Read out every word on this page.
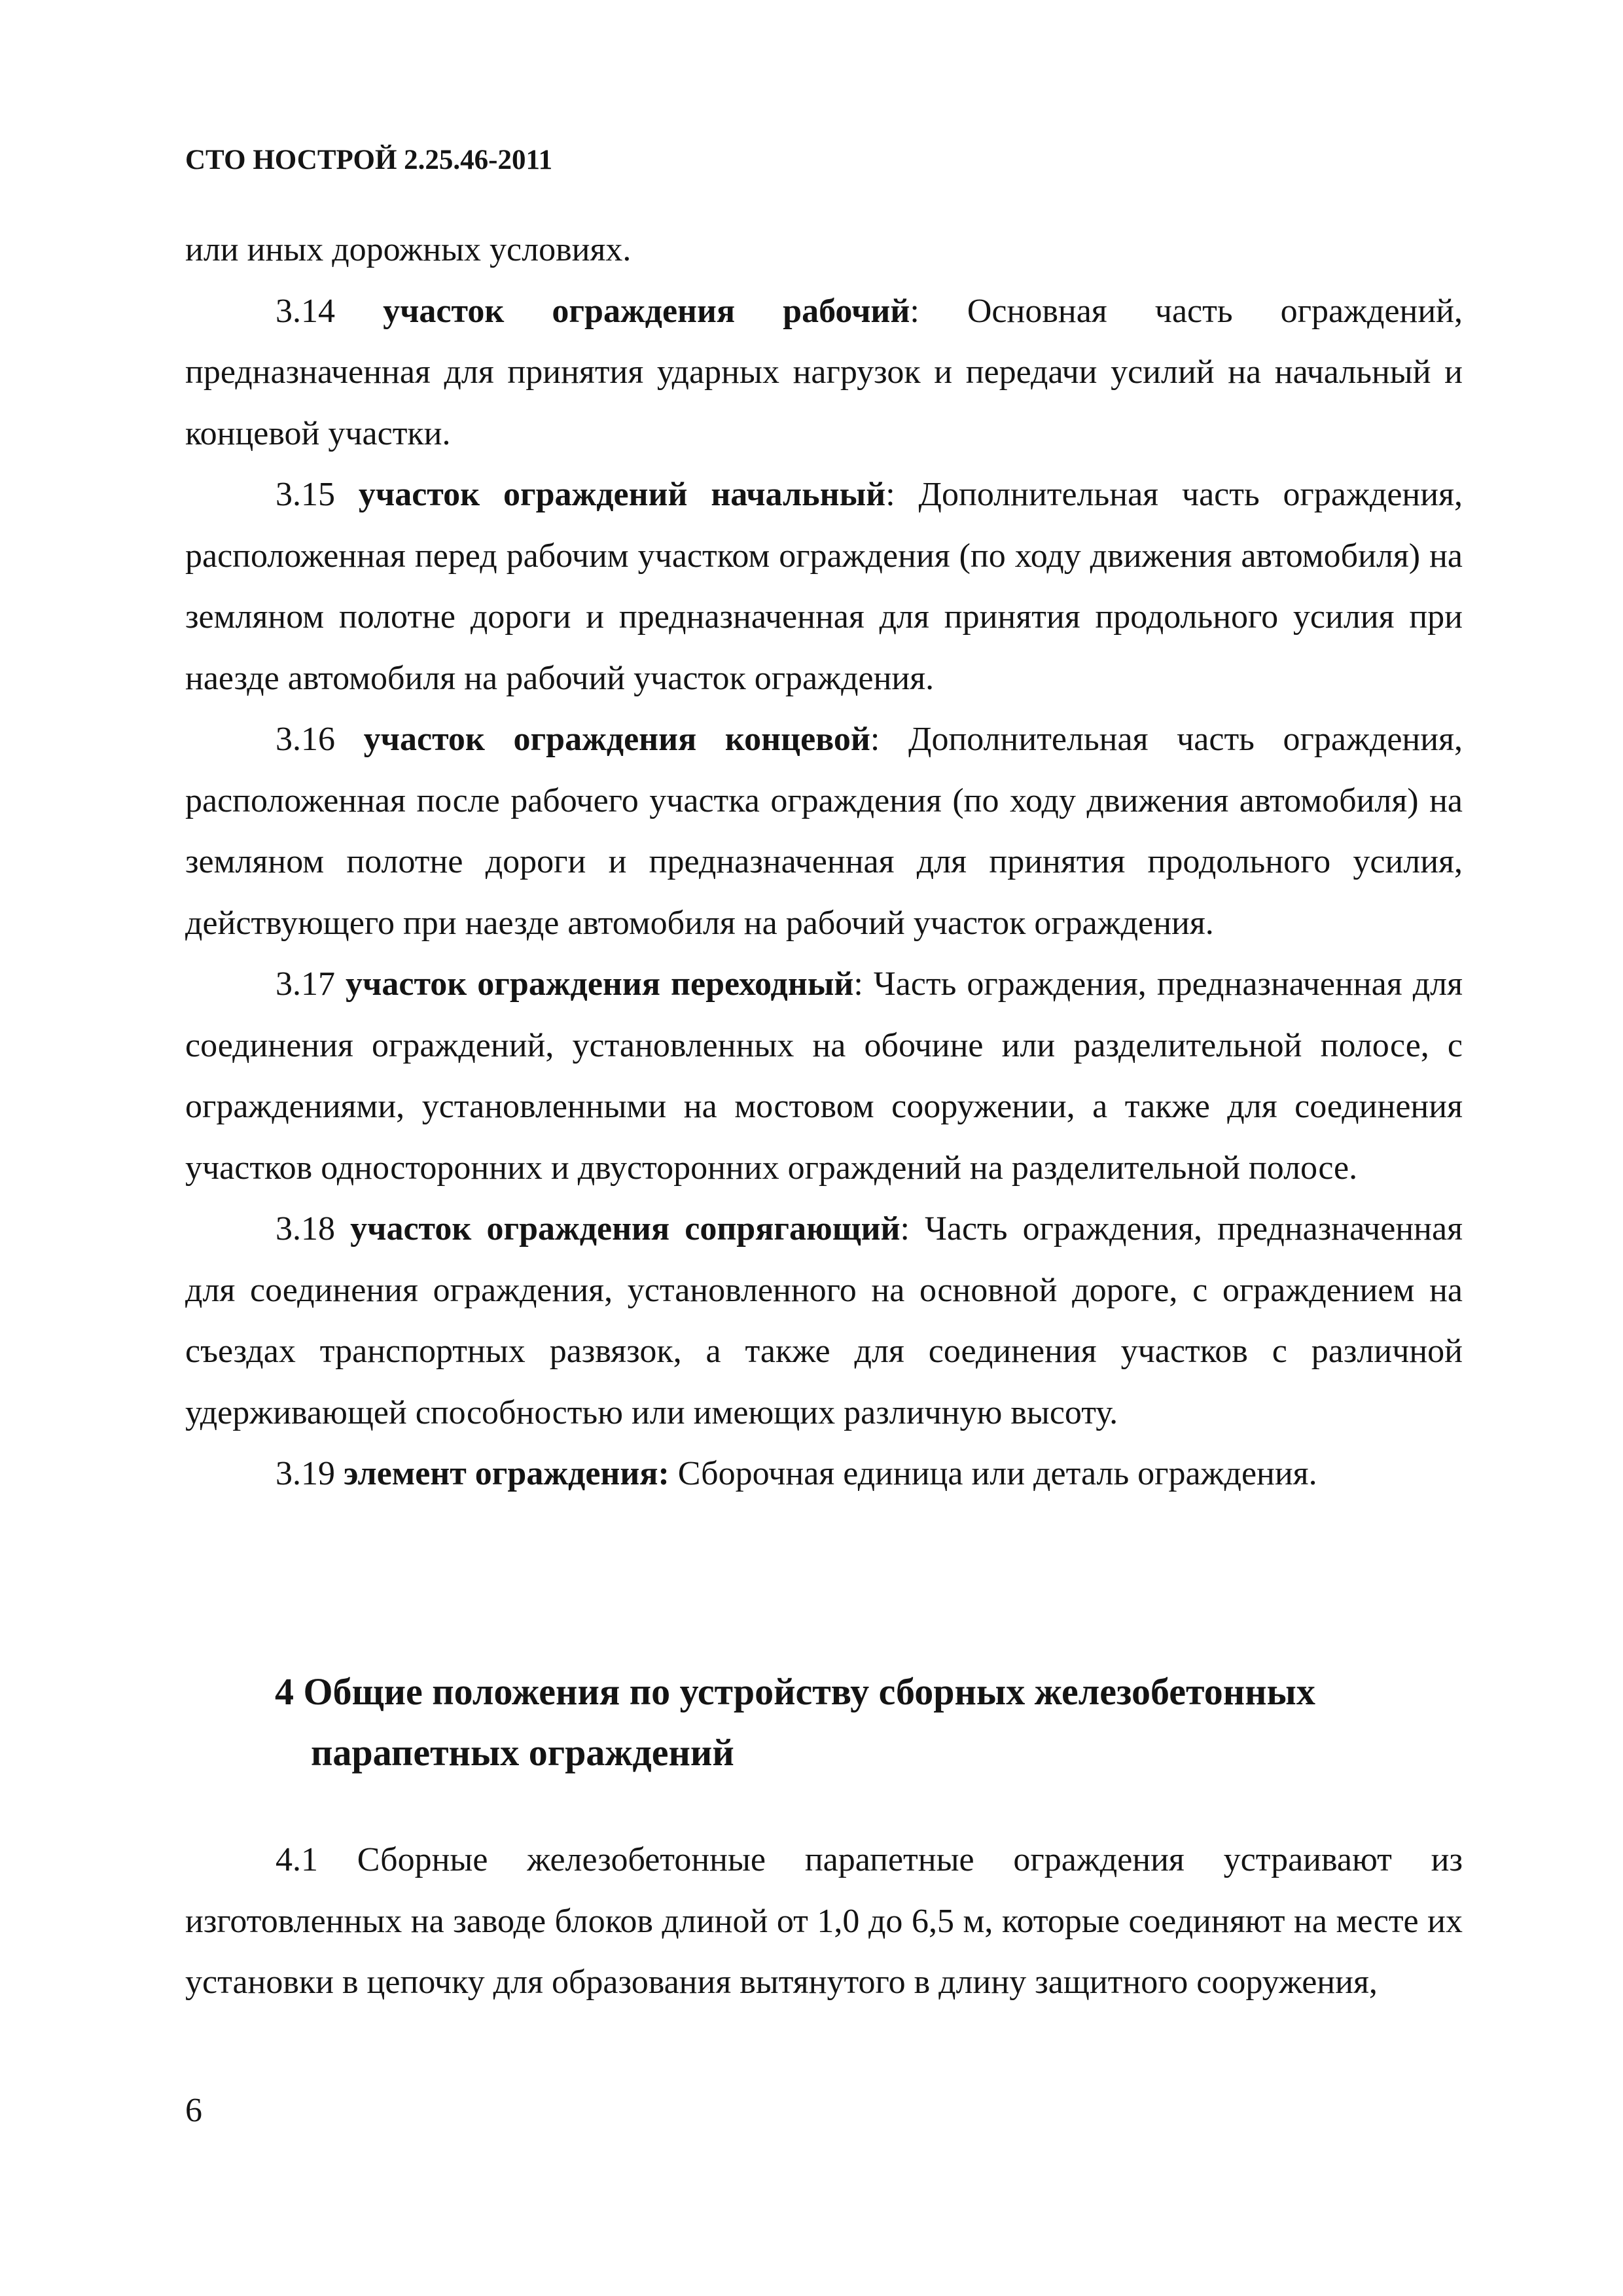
СТО НОСТРОЙ 2.25.46-2011

или иных дорожных условиях.

3.14 участок ограждения рабочий: Основная часть ограждений, предназначенная для принятия ударных нагрузок и передачи усилий на начальный и концевой участки.

3.15 участок ограждений начальный: Дополнительная часть ограждения, расположенная перед рабочим участком ограждения (по ходу движения автомобиля) на земляном полотне дороги и предназначенная для принятия продольного усилия при наезде автомобиля на рабочий участок ограждения.

3.16 участок ограждения концевой: Дополнительная часть ограждения, расположенная после рабочего участка ограждения (по ходу движения автомобиля) на земляном полотне дороги и предназначенная для принятия продольного усилия, действующего при наезде автомобиля на рабочий участок ограждения.

3.17 участок ограждения переходный: Часть ограждения, предназначенная для соединения ограждений, установленных на обочине или разделительной полосе, с ограждениями, установленными на мостовом сооружении, а также для соединения участков односторонних и двусторонних ограждений на разделительной полосе.

3.18 участок ограждения сопрягающий: Часть ограждения, предназначенная для соединения ограждения, установленного на основной дороге, с ограждением на съездах транспортных развязок, а также для соединения участков с различной удерживающей способностью или имеющих различную высоту.

3.19 элемент ограждения: Сборочная единица или деталь ограждения.

4 Общие положения по устройству сборных железобетонных
парапетных ограждений

4.1 Сборные железобетонные парапетные ограждения устраивают из изготовленных на заводе блоков длиной от 1,0 до 6,5 м, которые соединяют на месте их установки в цепочку для образования вытянутого в длину защитного сооружения,

6
